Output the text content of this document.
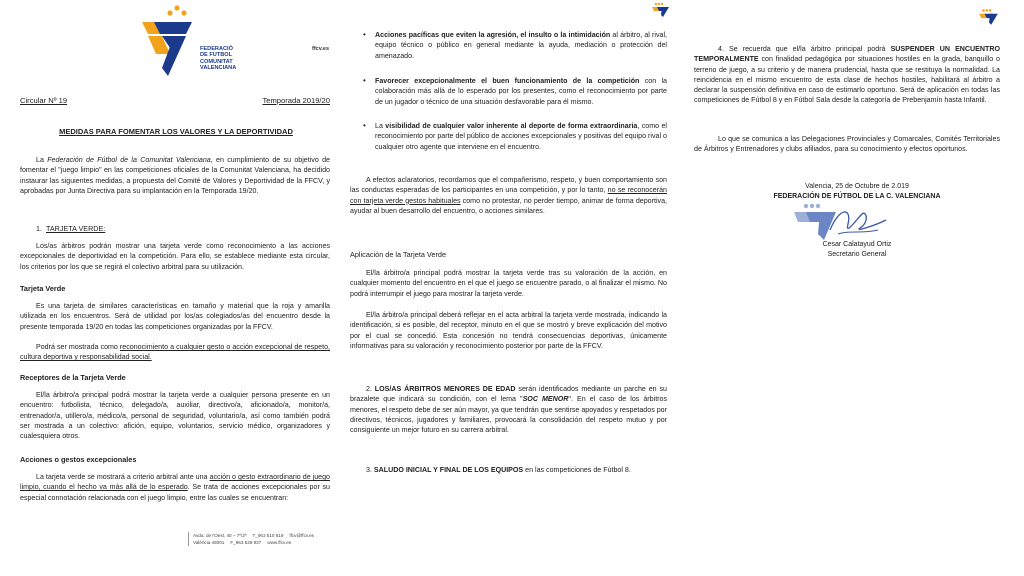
FEDERACIÓ
DE FUTBOL
COMUNITAT
VALENCIANA
ffcv.es
Circular Nº 19	Temporada 2019/20
MEDIDAS PARA FOMENTAR LOS VALORES Y LA DEPORTIVIDAD

La Federación de Fútbol de la Comunitat Valenciana, en cumplimiento de su objetivo de fomentar el "juego limpio" en las competiciones oficiales de la Comunitat Valenciana, ha decidido instaurar las siguientes medidas, a propuesta del Comité de Valores y Deportividad de la FFCV, y aprobadas por Junta Directiva para su implantación en la Temporada 19/20.

1. TARJETA VERDE:

Los/as árbitros podrán mostrar una tarjeta verde como reconocimiento a las acciones excepcionales de deportividad en la competición. Para ello, se establece mediante esta circular, los criterios por los que se regirá el colectivo arbitral para su utilización.

Tarjeta Verde

Es una tarjeta de similares características en tamaño y material que la roja y amarilla utilizada en los encuentros. Será de utilidad por los/as colegiados/as del encuentro desde la presente temporada 19/20 en todas las competiciones organizadas por la FFCV.

Podrá ser mostrada como reconocimiento a cualquier gesto o acción excepcional de respeto, cultura deportiva y responsabilidad social.

Receptores de la Tarjeta Verde

El/la árbitro/a principal podrá mostrar la tarjeta verde a cualquier persona presente en un encuentro: futbolista, técnico, delegado/a, auxiliar, directivo/a, aficionado/a, monitor/a, entrenador/a, utillero/a, médico/a, personal de seguridad, voluntario/a, así como también podrá ser mostrada a un colectivo: afición, equipo, voluntarios, servicio médico, organizadores y cualesquiera otros.

Acciones o gestos excepcionales

La tarjeta verde se mostrará a criterio arbitral ante una acción o gesto extraordinario de juego limpio, cuando el hecho va más allá de lo esperado. Se trata de acciones excepcionales por su especial connotación relacionada con el juego limpio, entre las cuales se encuentran:

Avda. de l'Oest, 40 – 7º/2ª T_963 510 619 ffcv@ffcv.es
València 46001 F_963 529 937 www.ffcv.es
• Acciones pacíficas que eviten la agresión, el insulto o la intimidación al árbitro, al rival, equipo técnico o público en general mediante la ayuda, mediación o protección del amenazado.

• Favorecer excepcionalmente el buen funcionamiento de la competición con la colaboración más allá de lo esperado por los presentes, como el reconocimiento por parte de un jugador o técnico de una situación desfavorable para él mismo.

• La visibilidad de cualquier valor inherente al deporte de forma extraordinaria, como el reconocimiento por parte del público de acciones excepcionales y positivas del equipo rival o cualquier otro agente que interviene en el encuentro.

A efectos aclaratorios, recordamos que el compañerismo, respeto, y buen comportamiento son las conductas esperadas de los participantes en una competición, y por lo tanto, no se reconocerán con tarjeta verde gestos habituales como no protestar, no perder tiempo, animar de forma deportiva, ayudar al buen desarrollo del encuentro, o acciones similares.

Aplicación de la Tarjeta Verde

El/la árbitro/a principal podrá mostrar la tarjeta verde tras su valoración de la acción, en cualquier momento del encuentro en el que el juego se encuentre parado, o al finalizar el mismo. No podrá interrumpir el juego para mostrar la tarjeta verde.

El/la árbitro/a principal deberá reflejar en el acta arbitral la tarjeta verde mostrada, indicando la identificación, si es posible, del receptor, minuto en el que se mostró y breve explicación del motivo por el cual se concedió. Esta concesión no tendrá consecuencias deportivas, únicamente informativas para su valoración y reconocimiento posterior por parte de la FFCV.

2. LOS/AS ÁRBITROS MENORES DE EDAD serán identificados mediante un parche en su brazalete que indicará su condición, con el lema "SOC MENOR". En el caso de los árbitros menores, el respeto debe de ser aún mayor, ya que tendrán que sentirse apoyados y respetados por directivos, técnicos, jugadores y familiares, provocará la consolidación del respeto mutuo y por consiguiente un mejor futuro en su carrera arbitral.

3. SALUDO INICIAL Y FINAL DE LOS EQUIPOS en las competiciones de Fútbol 8.

4. Se recuerda que el/la árbitro principal podrá SUSPENDER UN ENCUENTRO TEMPORALMENTE con finalidad pedagógica por situaciones hostiles en la grada, banquillo o terreno de juego, a su criterio y de manera prudencial, hasta que se restituya la normalidad. La reincidencia en el mismo encuentro de esta clase de hechos hostiles, habilitará al árbitro a declarar la suspensión definitiva en caso de estimarlo oportuno. Será de aplicación en todas las competiciones de Fútbol 8 y en Fútbol Sala desde la categoría de Prebenjamín hasta Infantil.

Lo que se comunica a las Delegaciones Provinciales y Comarcales, Comités Territoriales de Árbitros y Entrenadores y clubs afiliados, para su conocimiento y efectos oportunos.

Valencia, 25 de Octubre de 2.019
FEDERACIÓN DE FÚTBOL DE LA C. VALENCIANA
Cesar Calatayud Ortiz
Secretario General
